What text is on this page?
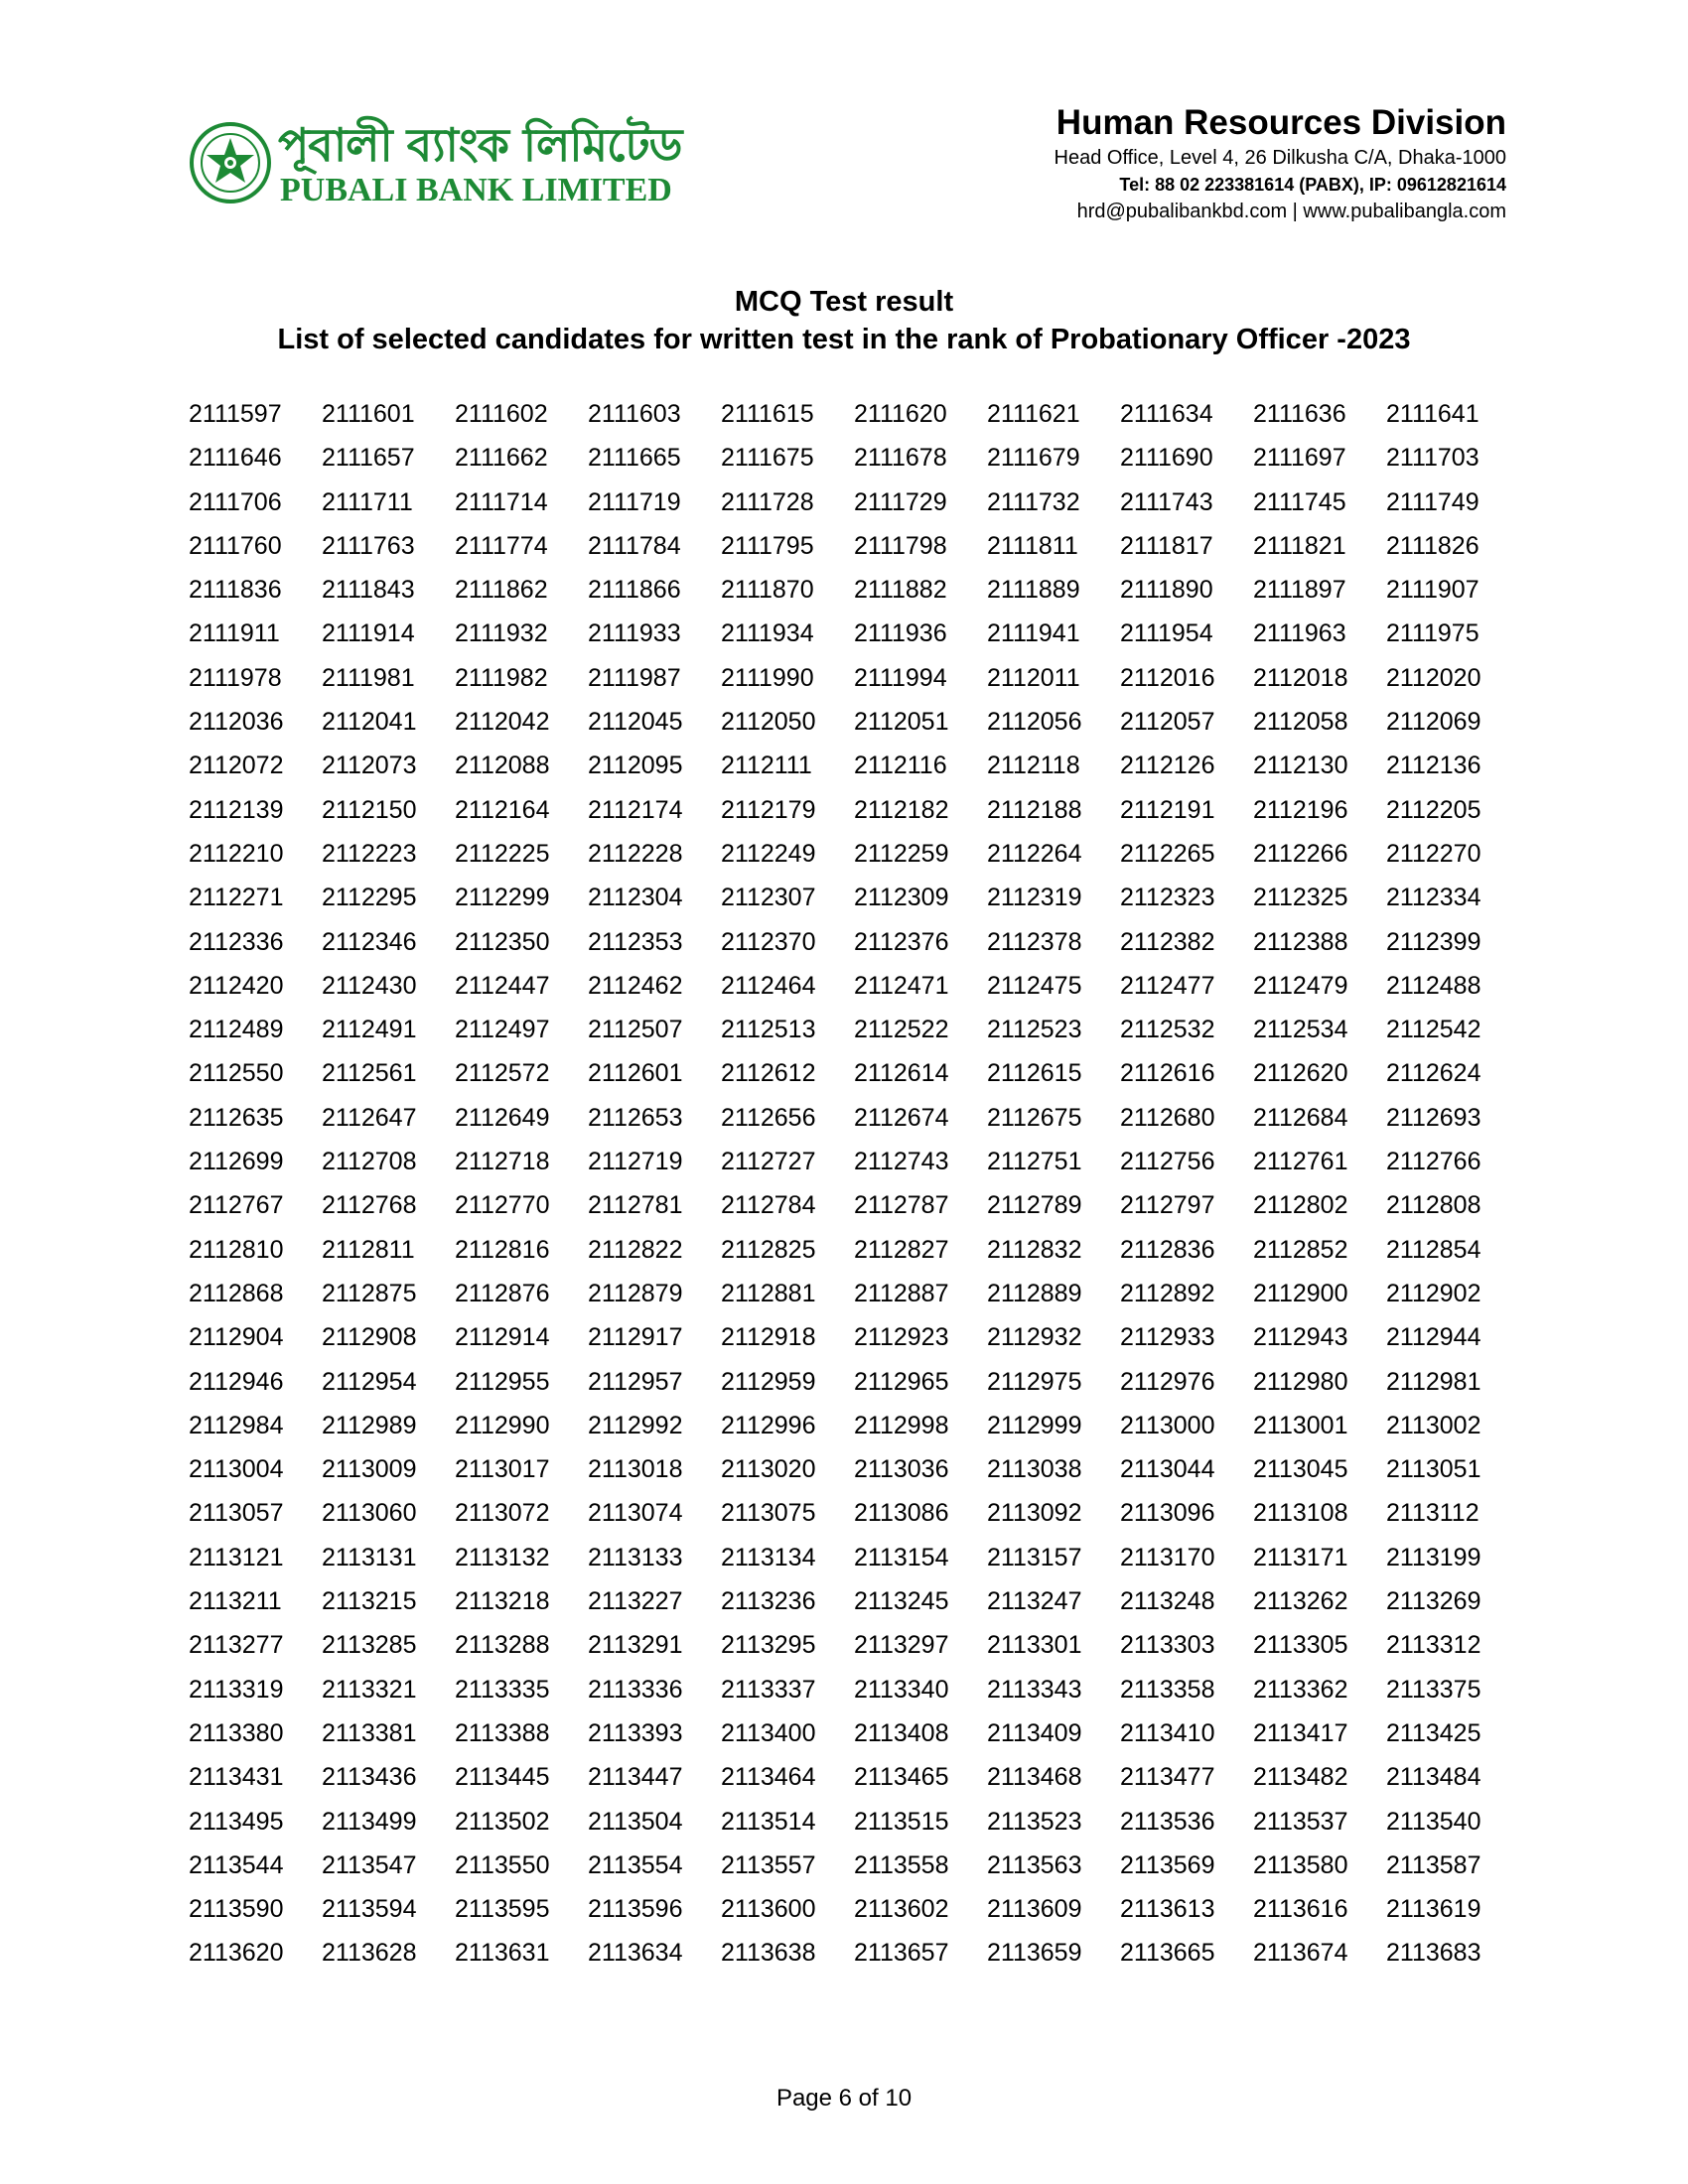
পূবালী ব্যাংক লিমিটেড
PUBALI BANK LIMITED
Human Resources Division
Head Office, Level 4, 26 Dilkusha C/A, Dhaka-1000
Tel: 88 02 223381614 (PABX), IP: 09612821614
hrd@pubalibankbd.com | www.pubalibangla.com
MCQ Test result
List of selected candidates for written test in the rank of Probationary Officer -2023
2111597	2111601	2111602	2111603	2111615	2111620	2111621	2111634	2111636	2111641
2111646	2111657	2111662	2111665	2111675	2111678	2111679	2111690	2111697	2111703
2111706	2111711	2111714	2111719	2111728	2111729	2111732	2111743	2111745	2111749
2111760	2111763	2111774	2111784	2111795	2111798	2111811	2111817	2111821	2111826
2111836	2111843	2111862	2111866	2111870	2111882	2111889	2111890	2111897	2111907
2111911	2111914	2111932	2111933	2111934	2111936	2111941	2111954	2111963	2111975
2111978	2111981	2111982	2111987	2111990	2111994	2112011	2112016	2112018	2112020
2112036	2112041	2112042	2112045	2112050	2112051	2112056	2112057	2112058	2112069
2112072	2112073	2112088	2112095	2112111	2112116	2112118	2112126	2112130	2112136
2112139	2112150	2112164	2112174	2112179	2112182	2112188	2112191	2112196	2112205
2112210	2112223	2112225	2112228	2112249	2112259	2112264	2112265	2112266	2112270
2112271	2112295	2112299	2112304	2112307	2112309	2112319	2112323	2112325	2112334
2112336	2112346	2112350	2112353	2112370	2112376	2112378	2112382	2112388	2112399
2112420	2112430	2112447	2112462	2112464	2112471	2112475	2112477	2112479	2112488
2112489	2112491	2112497	2112507	2112513	2112522	2112523	2112532	2112534	2112542
2112550	2112561	2112572	2112601	2112612	2112614	2112615	2112616	2112620	2112624
2112635	2112647	2112649	2112653	2112656	2112674	2112675	2112680	2112684	2112693
2112699	2112708	2112718	2112719	2112727	2112743	2112751	2112756	2112761	2112766
2112767	2112768	2112770	2112781	2112784	2112787	2112789	2112797	2112802	2112808
2112810	2112811	2112816	2112822	2112825	2112827	2112832	2112836	2112852	2112854
2112868	2112875	2112876	2112879	2112881	2112887	2112889	2112892	2112900	2112902
2112904	2112908	2112914	2112917	2112918	2112923	2112932	2112933	2112943	2112944
2112946	2112954	2112955	2112957	2112959	2112965	2112975	2112976	2112980	2112981
2112984	2112989	2112990	2112992	2112996	2112998	2112999	2113000	2113001	2113002
2113004	2113009	2113017	2113018	2113020	2113036	2113038	2113044	2113045	2113051
2113057	2113060	2113072	2113074	2113075	2113086	2113092	2113096	2113108	2113112
2113121	2113131	2113132	2113133	2113134	2113154	2113157	2113170	2113171	2113199
2113211	2113215	2113218	2113227	2113236	2113245	2113247	2113248	2113262	2113269
2113277	2113285	2113288	2113291	2113295	2113297	2113301	2113303	2113305	2113312
2113319	2113321	2113335	2113336	2113337	2113340	2113343	2113358	2113362	2113375
2113380	2113381	2113388	2113393	2113400	2113408	2113409	2113410	2113417	2113425
2113431	2113436	2113445	2113447	2113464	2113465	2113468	2113477	2113482	2113484
2113495	2113499	2113502	2113504	2113514	2113515	2113523	2113536	2113537	2113540
2113544	2113547	2113550	2113554	2113557	2113558	2113563	2113569	2113580	2113587
2113590	2113594	2113595	2113596	2113600	2113602	2113609	2113613	2113616	2113619
2113620	2113628	2113631	2113634	2113638	2113657	2113659	2113665	2113674	2113683
Page 6 of 10
